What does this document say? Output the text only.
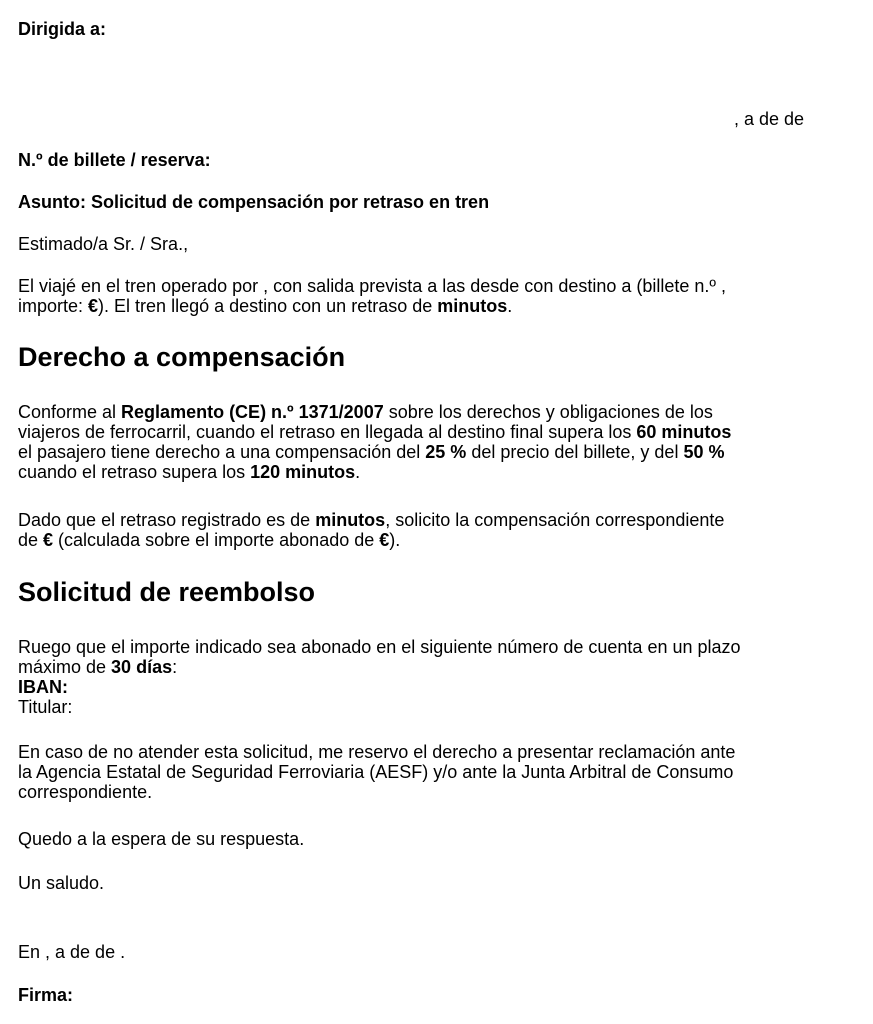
Dirigida a:
, a de de
N.º de billete / reserva:
Asunto: Solicitud de compensación por retraso en tren
Estimado/a Sr. / Sra.,
El viajé en el tren operado por , con salida prevista a las desde con destino a (billete n.º ,
importe: €). El tren llegó a destino con un retraso de minutos.
Derecho a compensación
Conforme al Reglamento (CE) n.º 1371/2007 sobre los derechos y obligaciones de los
viajeros de ferrocarril, cuando el retraso en llegada al destino final supera los 60 minutos
el pasajero tiene derecho a una compensación del 25 % del precio del billete, y del 50 %
cuando el retraso supera los 120 minutos.
Dado que el retraso registrado es de minutos, solicito la compensación correspondiente
de € (calculada sobre el importe abonado de €).
Solicitud de reembolso
Ruego que el importe indicado sea abonado en el siguiente número de cuenta en un plazo
máximo de 30 días:
IBAN:
Titular:
En caso de no atender esta solicitud, me reservo el derecho a presentar reclamación ante
la Agencia Estatal de Seguridad Ferroviaria (AESF) y/o ante la Junta Arbitral de Consumo
correspondiente.
Quedo a la espera de su respuesta.
Un saludo.
En , a de de .
Firma:
